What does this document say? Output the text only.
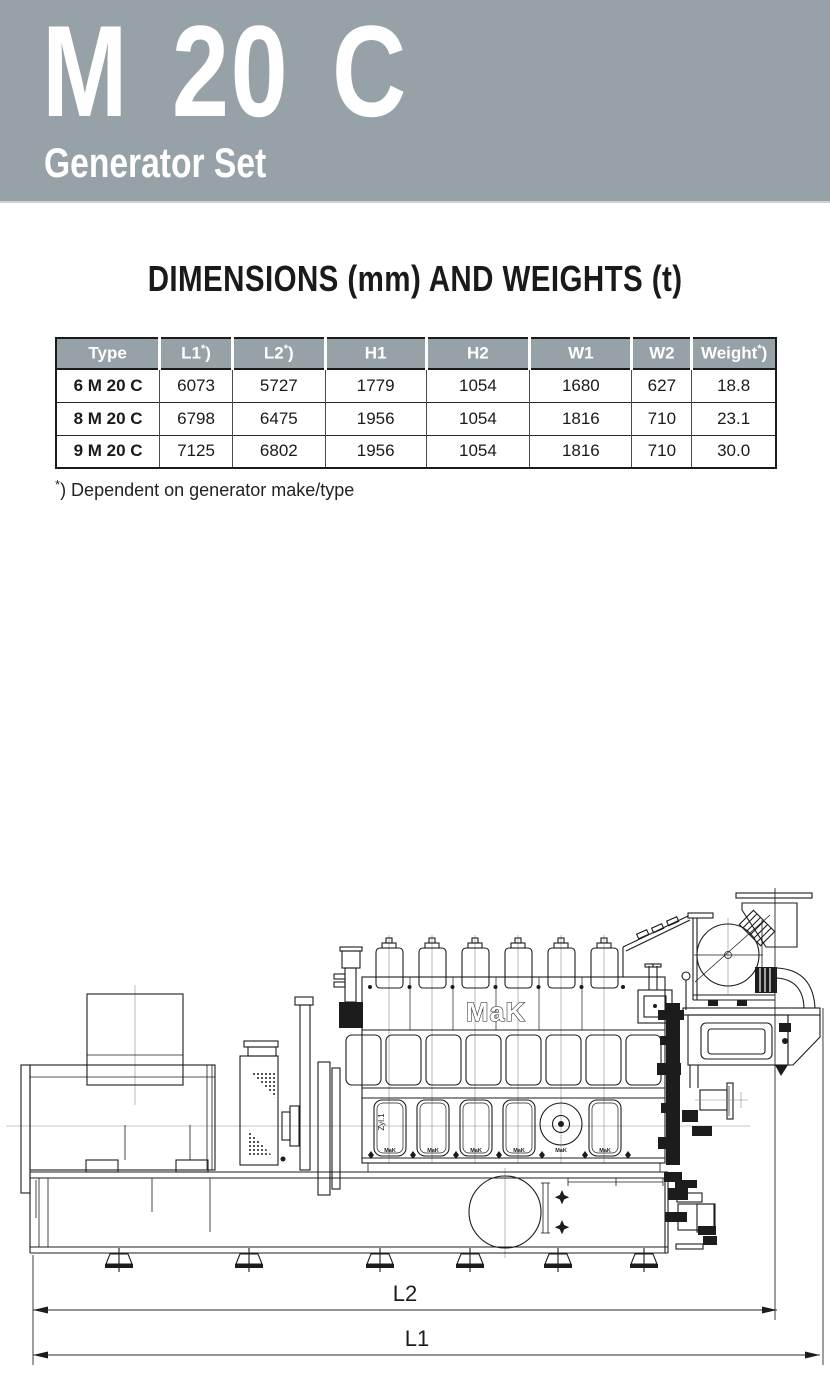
M 20 C
Generator Set
DIMENSIONS (mm) AND WEIGHTS (t)
Type	L1*)	L2*)	H1	H2	W1	W2	Weight*)
6 M 20 C	6073	5727	1779	1054	1680	627	18.8
8 M 20 C	6798	6475	1956	1054	1816	710	23.1
9 M 20 C	7125	6802	1956	1054	1816	710	30.0

*) Dependent on generator make/type

MaK
Zyl.1
MaK	MaK	MaK	MaK	MaK	MaK
L2
L1
